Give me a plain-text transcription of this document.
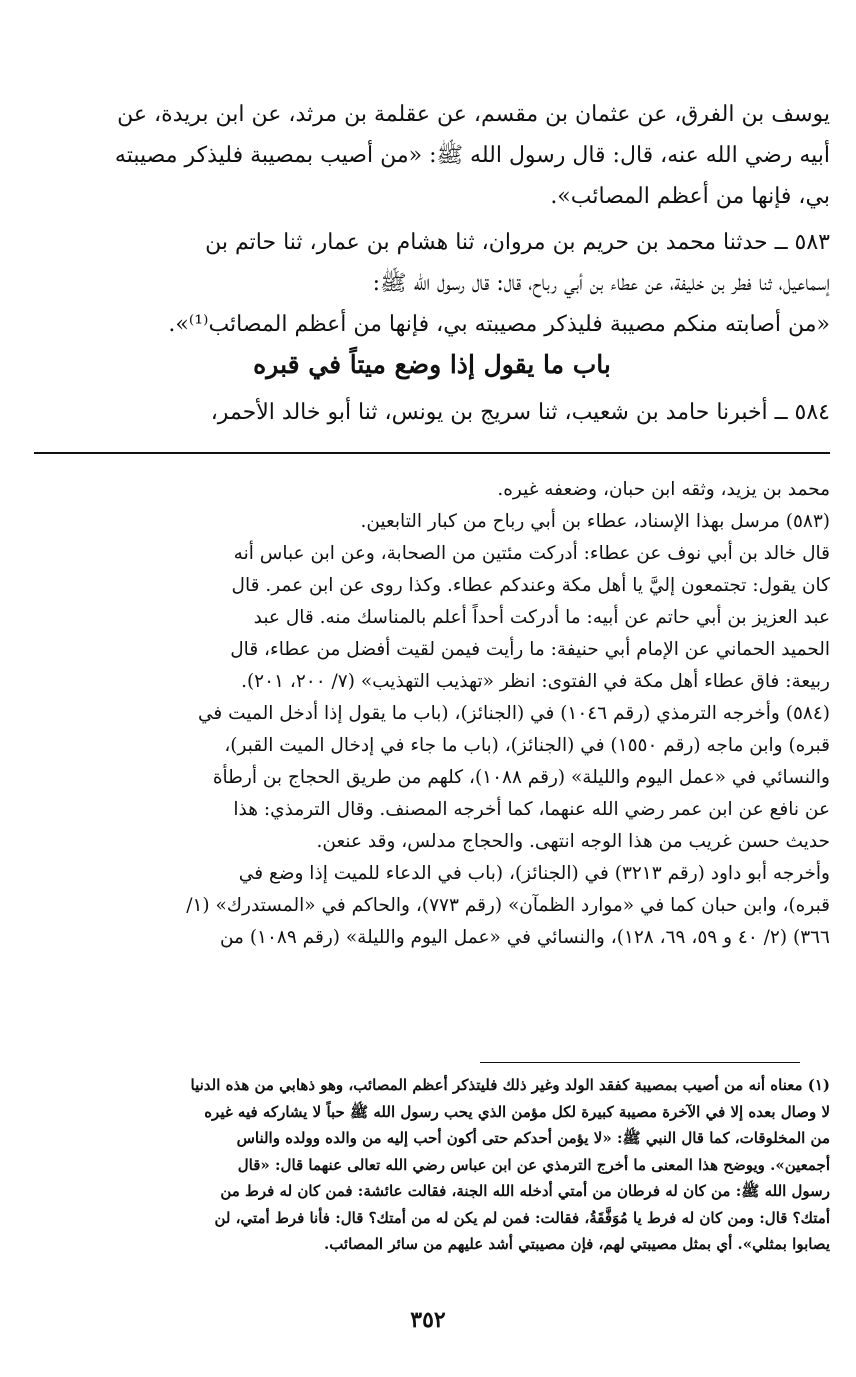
يوسف بن الفرق، عن عثمان بن مقسم، عن عقلمة بن مرثد، عن ابن بريدة، عن
أبيه رضي الله عنه، قال: قال رسول الله ﷺ: «من أصيب بمصيبة فليذكر مصيبته
بي، فإنها من أعظم المصائب».
٥٨٣ ــ حدثنا محمد بن حريم بن مروان، ثنا هشام بن عمار، ثنا حاتم بن
إسماعيل، ثنا فطر بن خليفة، عن عطاء بن أبي رباح، قال: قال رسول الله ﷺ:
«من أصابته منكم مصيبة فليذكر مصيبته بي، فإنها من أعظم المصائب⁽¹⁾».
باب ما يقول إذا وضع ميتاً في قبره
٥٨٤ ــ أخبرنا حامد بن شعيب، ثنا سريج بن يونس، ثنا أبو خالد الأحمر،
محمد بن يزيد، وثقه ابن حبان، وضعفه غيره.
(٥٨٣) مرسل بهذا الإسناد، عطاء بن أبي رباح من كبار التابعين.
قال خالد بن أبي نوف عن عطاء: أدركت مئتين من الصحابة، وعن ابن عباس أنه
كان يقول: تجتمعون إليَّ يا أهل مكة وعندكم عطاء. وكذا روى عن ابن عمر. قال
عبد العزيز بن أبي حاتم عن أبيه: ما أدركت أحداً أعلم بالمناسك منه. قال عبد
الحميد الحماني عن الإمام أبي حنيفة: ما رأيت فيمن لقيت أفضل من عطاء، قال
ربيعة: فاق عطاء أهل مكة في الفتوى: انظر «تهذيب التهذيب» (٧/ ٢٠٠، ٢٠١).
(٥٨٤) وأخرجه الترمذي (رقم ١٠٤٦) في (الجنائز)، (باب ما يقول إذا أدخل الميت في
قبره) وابن ماجه (رقم ١٥٥٠) في (الجنائز)، (باب ما جاء في إدخال الميت القبر)،
والنسائي في «عمل اليوم والليلة» (رقم ١٠٨٨)، كلهم من طريق الحجاج بن أرطأة
عن نافع عن ابن عمر رضي الله عنهما، كما أخرجه المصنف. وقال الترمذي: هذا
حديث حسن غريب من هذا الوجه انتهى. والحجاج مدلس، وقد عنعن.
وأخرجه أبو داود (رقم ٣٢١٣) في (الجنائز)، (باب في الدعاء للميت إذا وضع في
قبره)، وابن حبان كما في «موارد الظمآن» (رقم ٧٧٣)، والحاكم في «المستدرك» (١/
٣٦٦) (٢/ ٤٠ و ٥٩، ٦٩، ١٢٨)، والنسائي في «عمل اليوم والليلة» (رقم ١٠٨٩) من
(١) معناه أنه من أصيب بمصيبة كفقد الولد وغير ذلك فليتذكر أعظم المصائب، وهو ذهابي من هذه الدنيا
لا وصال بعده إلا في الآخرة مصيبة كبيرة لكل مؤمن الذي يحب رسول الله ﷺ حباً لا يشاركه فيه غيره
من المخلوقات، كما قال النبي ﷺ: «لا يؤمن أحدكم حتى أكون أحب إليه من والده وولده والناس
أجمعين». ويوضح هذا المعنى ما أخرج الترمذي عن ابن عباس رضي الله تعالى عنهما قال: «قال
رسول الله ﷺ: من كان له فرطان من أمتي أدخله الله الجنة، فقالت عائشة: فمن كان له فرط من
أمتك؟ قال: ومن كان له فرط يا مُوَفَّقَةُ، فقالت: فمن لم يكن له من أمتك؟ قال: فأنا فرط أمتي، لن
يصابوا بمثلي». أي بمثل مصيبتي لهم، فإن مصيبتي أشد عليهم من سائر المصائب.
٣٥٢
